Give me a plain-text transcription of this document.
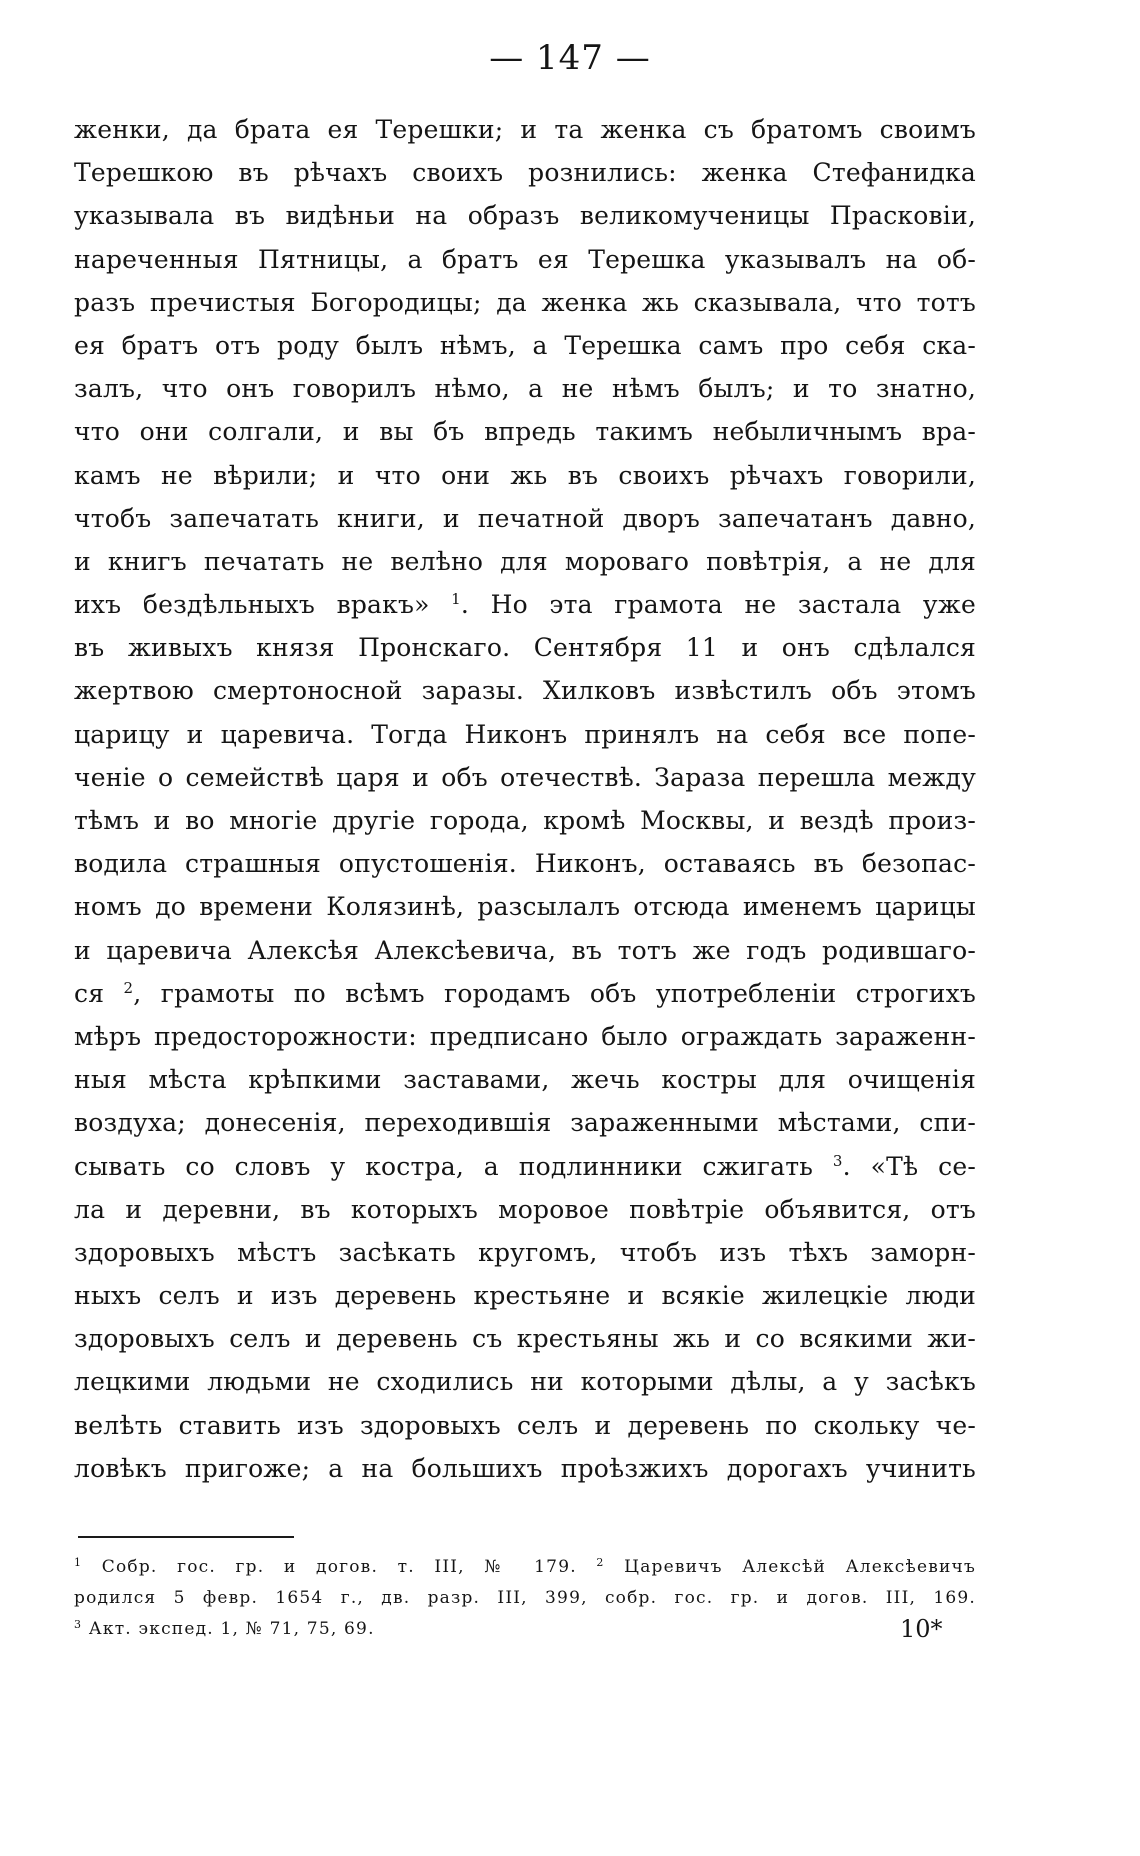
— 147 —
женки, да брата ея Терешки; и та женка съ братомъ своимъ
Терешкою въ рѣчахъ своихъ рознились: женка Стефанидка
указывала въ видѣньи на образъ великомученицы Прасковіи,
нареченныя Пятницы, а братъ ея Терешка указывалъ на об-
разъ пречистыя Богородицы; да женка жь сказывала, что тотъ
ея братъ отъ роду былъ нѣмъ, а Терешка самъ про себя ска-
залъ, что онъ говорилъ нѣмо, а не нѣмъ былъ; и то знатно,
что они солгали, и вы бъ впредь такимъ небыличнымъ вра-
камъ не вѣрили; и что они жь въ своихъ рѣчахъ говорили,
чтобъ запечатать книги, и печатной дворъ запечатанъ давно,
и книгъ печатать не велѣно для мороваго повѣтрія, а не для
ихъ бездѣльныхъ вракъ» $^1$. Но эта грамота не застала уже
въ живыхъ князя Пронскаго. Сентября 11 и онъ сдѣлался
жертвою смертоносной заразы. Хилковъ извѣстилъ объ этомъ
царицу и царевича. Тогда Никонъ принялъ на себя все попе-
ченіе о семействѣ царя и объ отечествѣ. Зараза перешла между
тѣмъ и во многіе другіе города, кромѣ Москвы, и вездѣ произ-
водила страшныя опустошенія. Никонъ, оставаясь въ безопас-
номъ до времени Колязинѣ, разсылалъ отсюда именемъ царицы
и царевича Алексѣя Алексѣевича, въ тотъ же годъ родившаго-
ся $^2$, грамоты по всѣмъ городамъ объ употребленіи строгихъ
мѣръ предосторожности: предписано было ограждать зараженн-
ныя мѣста крѣпкими заставами, жечь костры для очищенія
воздуха; донесенія, переходившія зараженными мѣстами, спи-
сывать со словъ у костра, а подлинники сжигать $^3$. «Тѣ се-
ла и деревни, въ которыхъ моровое повѣтріе объявится, отъ
здоровыхъ мѣстъ засѣкать кругомъ, чтобъ изъ тѣхъ заморн-
ныхъ селъ и изъ деревень крестьяне и всякіе жилецкіе люди
здоровыхъ селъ и деревень съ крестьяны жь и со всякими жи-
лецкими людьми не сходились ни которыми дѣлы, а у засѣкъ
велѣть ставить изъ здоровыхъ селъ и деревень по скольку че-
ловѣкъ пригоже; а на большихъ проѣзжихъ дорогахъ учинить
$^1$ Собр. гос. гр. и догов. т. III, № 179. $^2$ Царевичъ Алексѣй Алексѣевичъ
родился 5 февр. 1654 г., дв. разр. III, 399, собр. гос. гр. и догов. III, 169.
$^3$ Акт. экспед. 1, № 71, 75, 69.	10*
